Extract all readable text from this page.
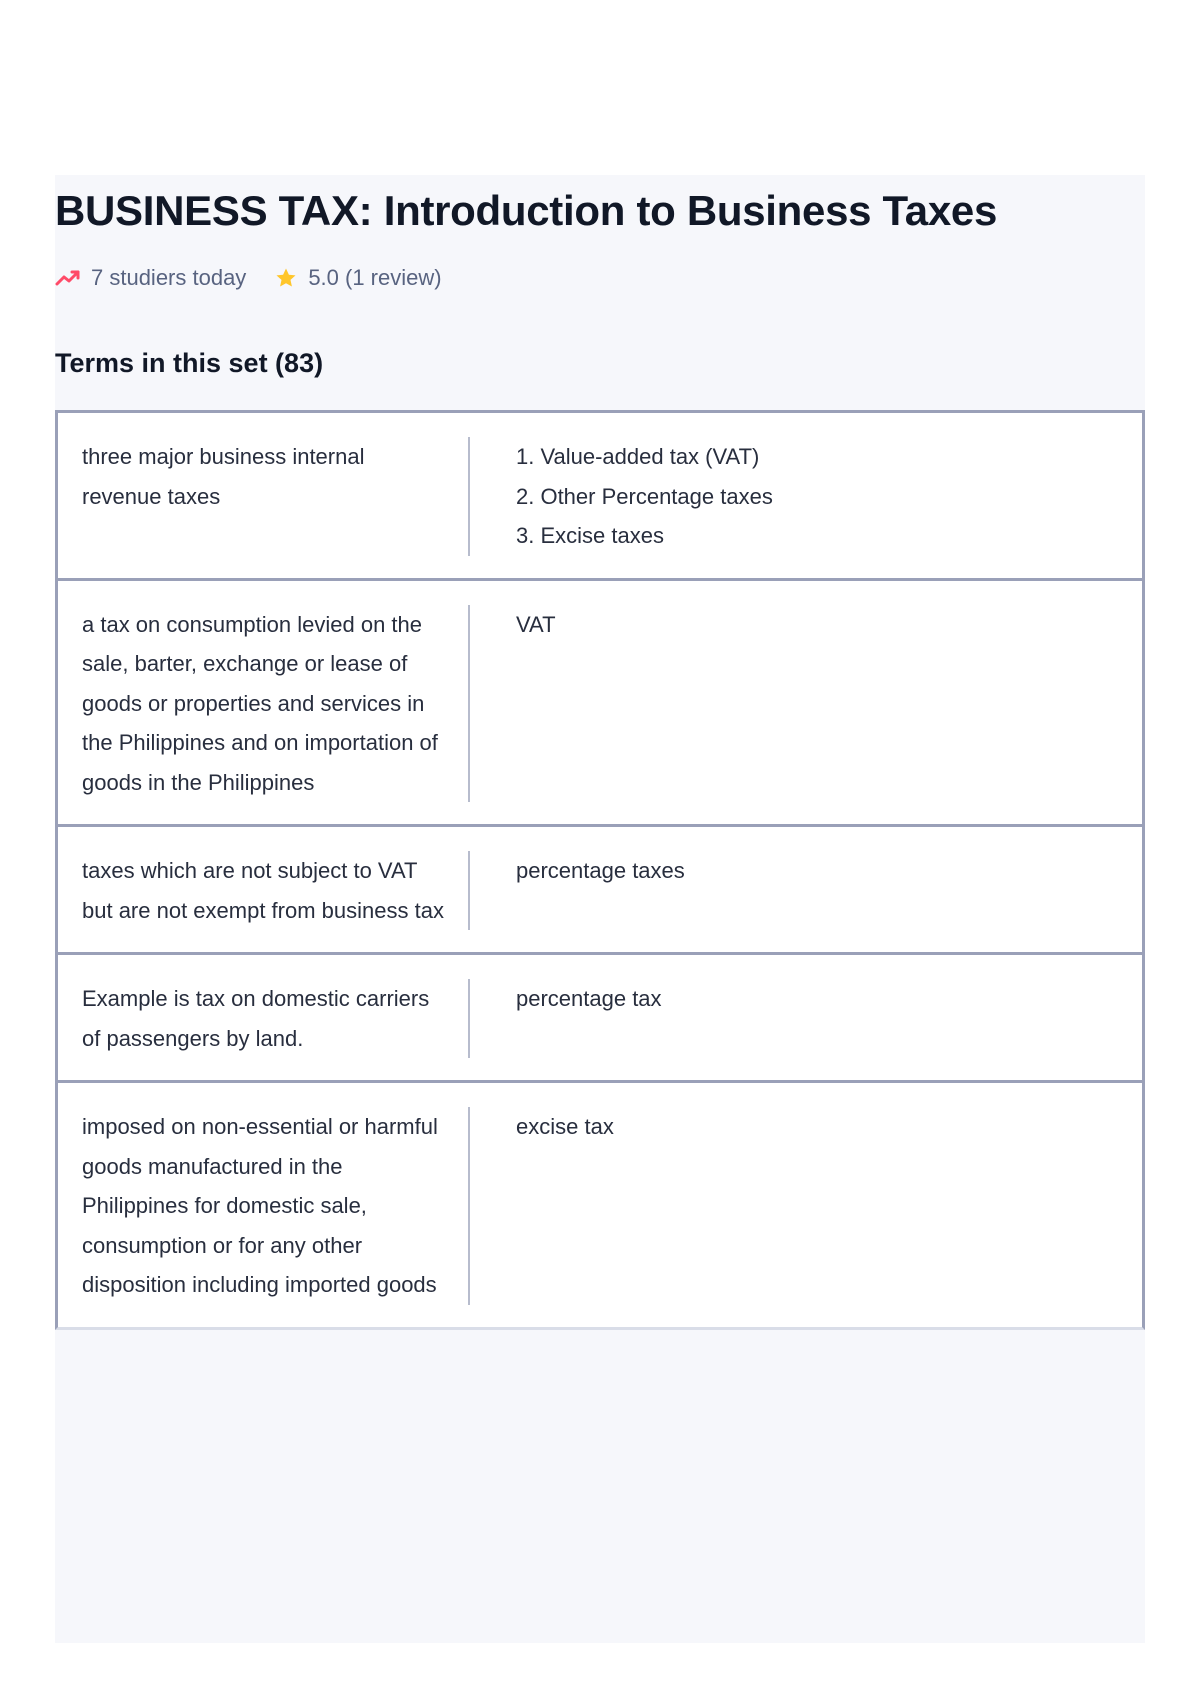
BUSINESS TAX: Introduction to Business Taxes
7 studiers today	5.0 (1 review)
Terms in this set (83)
three major business internal revenue taxes
1. Value-added tax (VAT)
2. Other Percentage taxes
3. Excise taxes
a tax on consumption levied on the sale, barter, exchange or lease of goods or properties and services in the Philippines and on importation of goods in the Philippines
VAT
taxes which are not subject to VAT but are not exempt from business tax
percentage taxes
Example is tax on domestic carriers of passengers by land.
percentage tax
imposed on non-essential or harmful goods manufactured in the Philippines for domestic sale, consumption or for any other disposition including imported goods
excise tax
